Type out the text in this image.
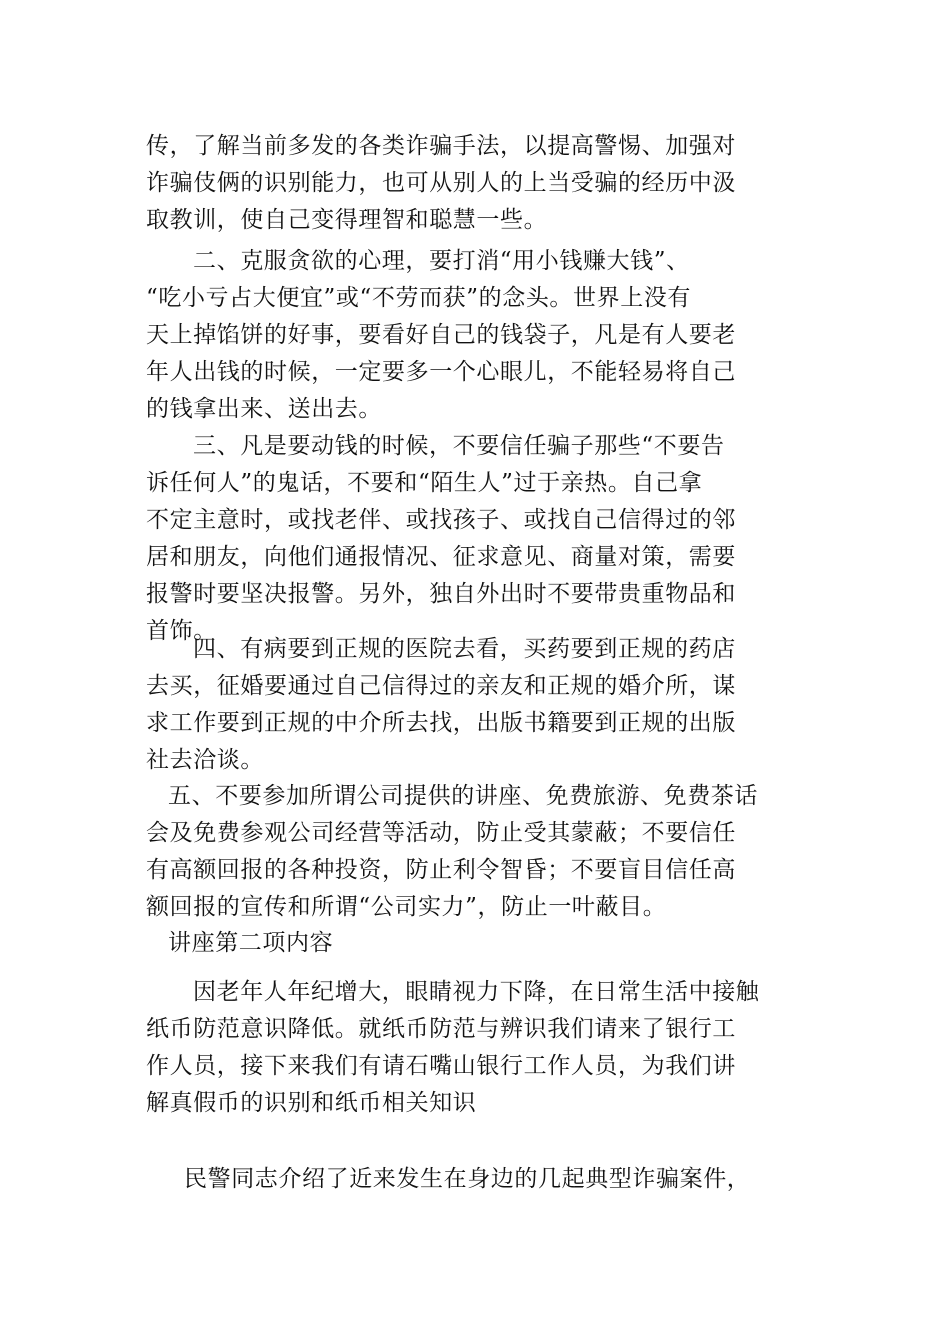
传，了解当前多发的各类诈骗手法，以提高警惕、加强对
诈骗伎俩的识别能力，也可从别人的上当受骗的经历中汲
取教训，使自己变得理智和聪慧一些。

二、克服贪欲的心理，要打消“用小钱赚大钱”、
“吃小亏占大便宜”或“不劳而获”的念头。世界上没有
天上掉馅饼的好事，要看好自己的钱袋子，凡是有人要老
年人出钱的时候，一定要多一个心眼儿，不能轻易将自己
的钱拿出来、送出去。

三、凡是要动钱的时候，不要信任骗子那些“不要告
诉任何人”的鬼话，不要和“陌生人”过于亲热。自己拿
不定主意时，或找老伴、或找孩子、或找自己信得过的邻
居和朋友，向他们通报情况、征求意见、商量对策，需要
报警时要坚决报警。另外，独自外出时不要带贵重物品和
首饰。

四、有病要到正规的医院去看，买药要到正规的药店
去买，征婚要通过自己信得过的亲友和正规的婚介所，谋
求工作要到正规的中介所去找，出版书籍要到正规的出版
社去洽谈。

五、不要参加所谓公司提供的讲座、免费旅游、免费茶话
会及免费参观公司经营等活动，防止受其蒙蔽；不要信任
有高额回报的各种投资，防止利令智昏；不要盲目信任高
额回报的宣传和所谓“公司实力”，防止一叶蔽目。

讲座第二项内容

因老年人年纪增大，眼睛视力下降，在日常生活中接触
纸币防范意识降低。就纸币防范与辨识我们请来了银行工
作人员，接下来我们有请石嘴山银行工作人员，为我们讲
解真假币的识别和纸币相关知识

民警同志介绍了近来发生在身边的几起典型诈骗案件，
